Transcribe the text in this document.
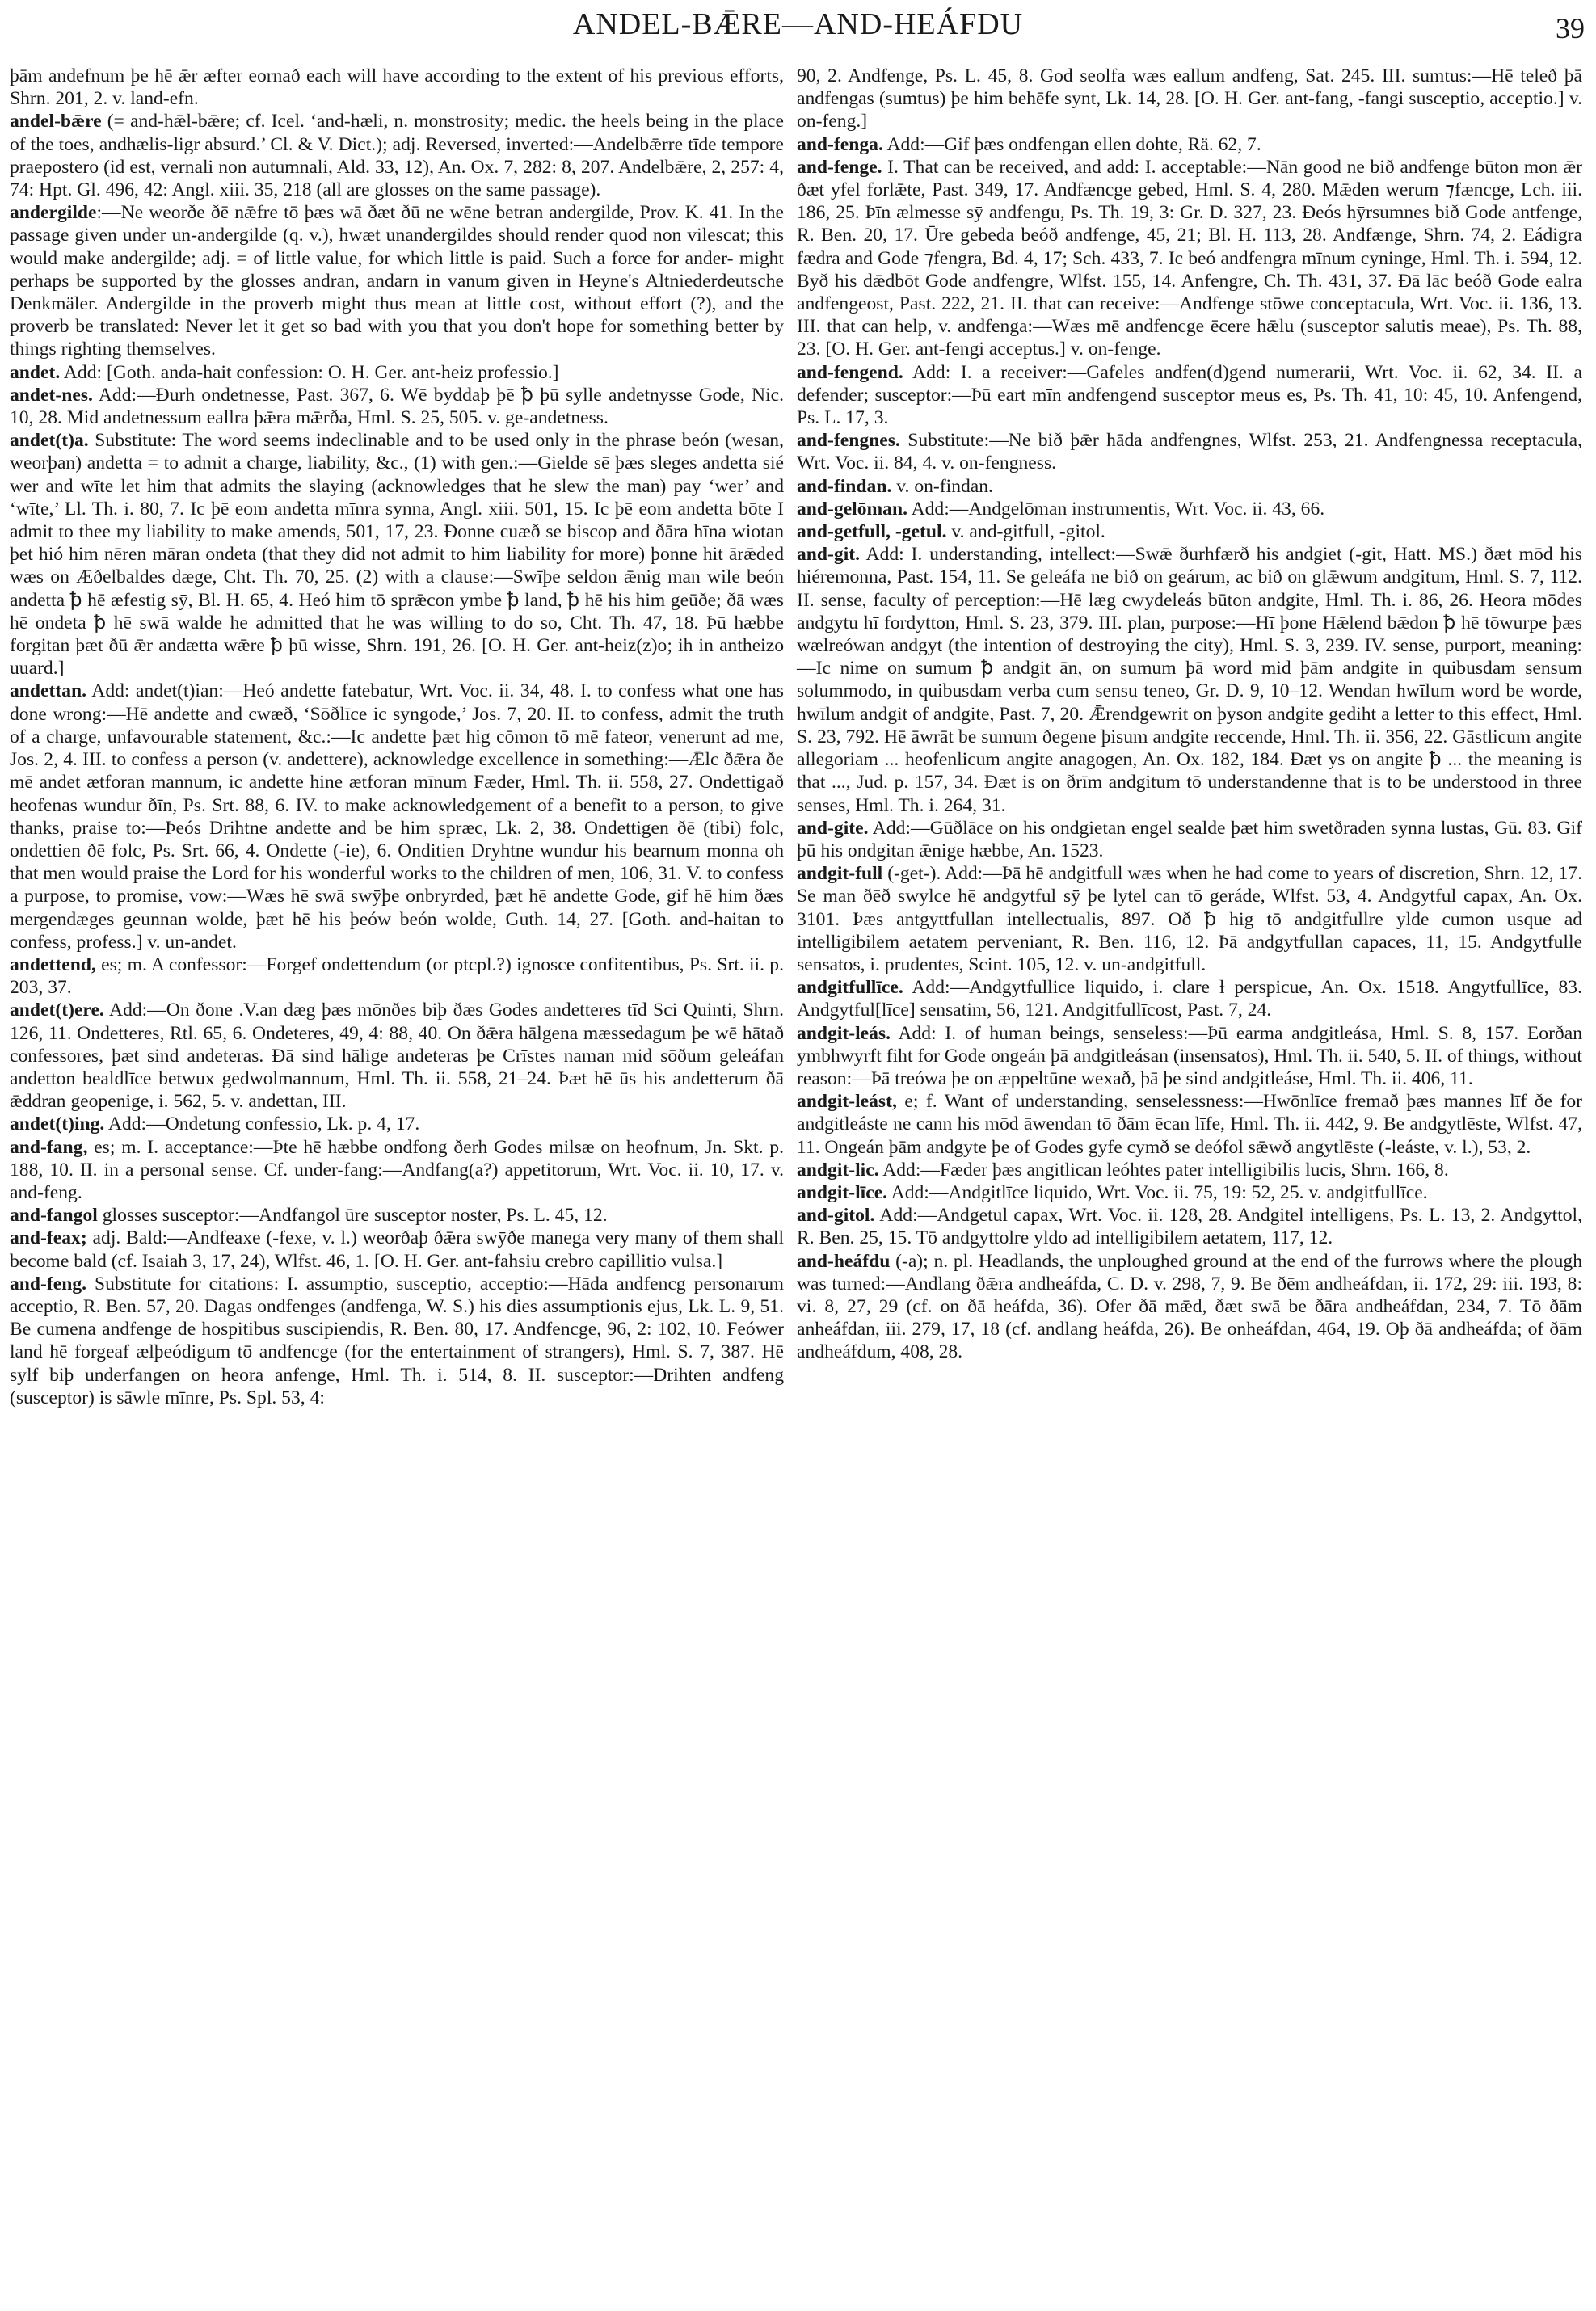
ANDEL-BǢRE—AND-HEÁFDU	39

þām andefnum þe hē ǣr æfter eornað each will have according to the extent of his previous efforts, Shrn. 201, 2. v. land-efn.

andel-bǣre (= and-hǣl-bǣre; cf. Icel. ‘and-hæli, n. monstrosity; medic. the heels being in the place of the toes, andhælis-ligr absurd.’ Cl. & V. Dict.); adj. Reversed, inverted:—Andelbǣrre tīde tempore praepostero (id est, vernali non autumnali, Ald. 33, 12), An. Ox. 7, 282: 8, 207. Andelbǣre, 2, 257: 4, 74: Hpt. Gl. 496, 42: Angl. xiii. 35, 218 (all are glosses on the same passage).

andergilde:—Ne weorðe ðē nǣfre tō þæs wā ðæt ðū ne wēne betran andergilde, Prov. K. 41. In the passage given under un-andergilde (q. v.), hwæt unandergildes should render quod non vilescat; this would make andergilde; adj. = of little value, for which little is paid. Such a force for ander- might perhaps be supported by the glosses andran, andarn in vanum given in Heyne's Altniederdeutsche Denkmäler. Andergilde in the proverb might thus mean at little cost, without effort (?), and the proverb be translated: Never let it get so bad with you that you don't hope for something better by things righting themselves.

andet. Add: [Goth. anda-hait confession: O. H. Ger. ant-heiz professio.]

andet-nes. Add:—Ðurh ondetnesse, Past. 367, 6. Wē byddaþ þē ꝥ þū sylle andetnysse Gode, Nic. 10, 28. Mid andetnessum eallra þǣra mǣrða, Hml. S. 25, 505. v. ge-andetness.

andet(t)a. Substitute: The word seems indeclinable and to be used only in the phrase beón (wesan, weorþan) andetta = to admit a charge, liability, &c., (1) with gen.:—Gielde sē þæs sleges andetta sié wer and wīte let him that admits the slaying (acknowledges that he slew the man) pay ‘wer’ and ‘wīte,’ Ll. Th. i. 80, 7. Ic þē eom andetta mīnra synna, Angl. xiii. 501, 15. Ic þē eom andetta bōte I admit to thee my liability to make amends, 501, 17, 23. Ðonne cuæð se biscop and ðāra hīna wiotan þet hió him nēren māran ondeta (that they did not admit to him liability for more) þonne hit ārǣded wæs on Æðelbaldes dæge, Cht. Th. 70, 25. (2) with a clause:—Swīþe seldon ǣnig man wile beón andetta ꝥ hē æfestig sȳ, Bl. H. 65, 4. Heó him tō sprǣcon ymbe ꝥ land, ꝥ hē his him geūðe; ðā wæs hē ondeta ꝥ hē swā walde he admitted that he was willing to do so, Cht. Th. 47, 18. Þū hæbbe forgitan þæt ðū ǣr andætta wǣre ꝥ þū wisse, Shrn. 191, 26. [O. H. Ger. ant-heiz(z)o; ih in antheizo uuard.]

andettan. Add: andet(t)ian:—Heó andette fatebatur, Wrt. Voc. ii. 34, 48. I. to confess what one has done wrong:—Hē andette and cwæð, ‘Sōðlīce ic syngode,’ Jos. 7, 20. II. to confess, admit the truth of a charge, unfavourable statement, &c.:—Ic andette þæt hig cōmon tō mē fateor, venerunt ad me, Jos. 2, 4. III. to confess a person (v. andettere), acknowledge excellence in something:—Ǣlc ðǣra ðe mē andet ætforan mannum, ic andette hine ætforan mīnum Fæder, Hml. Th. ii. 558, 27. Ondettigað heofenas wundur ðīn, Ps. Srt. 88, 6. IV. to make acknowledgement of a benefit to a person, to give thanks, praise to:—Þeós Drihtne andette and be him spræc, Lk. 2, 38. Ondettigen ðē (tibi) folc, ondettien ðē folc, Ps. Srt. 66, 4. Ondette (-ie), 6. Onditien Dryhtne wundur his bearnum monna oh that men would praise the Lord for his wonderful works to the children of men, 106, 31. V. to confess a purpose, to promise, vow:—Wæs hē swā swȳþe onbryrded, þæt hē andette Gode, gif hē him ðæs mergendæges geunnan wolde, þæt hē his þeów beón wolde, Guth. 14, 27. [Goth. and-haitan to confess, profess.] v. un-andet.

andettend, es; m. A confessor:—Forgef ondettendum (or ptcpl.?) ignosce confitentibus, Ps. Srt. ii. p. 203, 37.

andet(t)ere. Add:—On ðone .V.an dæg þæs mōnðes biþ ðæs Godes andetteres tīd Sci Quinti, Shrn. 126, 11. Ondetteres, Rtl. 65, 6. Ondeteres, 49, 4: 88, 40. On ðǣra hālgena mæssedagum þe wē hātað confessores, þæt sind andeteras. Ðā sind hālige andeteras þe Crīstes naman mid sōðum geleáfan andetton bealdlīce betwux gedwolmannum, Hml. Th. ii. 558, 21–24. Þæt hē ūs his andetterum ðā ǣddran geopenige, i. 562, 5. v. andettan, III.

andet(t)ing. Add:—Ondetung confessio, Lk. p. 4, 17.

and-fang, es; m. I. acceptance:—Þte hē hæbbe ondfong ðerh Godes milsæ on heofnum, Jn. Skt. p. 188, 10. II. in a personal sense. Cf. under-fang:—Andfang(a?) appetitorum, Wrt. Voc. ii. 10, 17. v. and-feng.

and-fangol glosses susceptor:—Andfangol ūre susceptor noster, Ps. L. 45, 12.

and-feax; adj. Bald:—Andfeaxe (-fexe, v. l.) weorðaþ ðǣra swȳðe manega very many of them shall become bald (cf. Isaiah 3, 17, 24), Wlfst. 46, 1. [O. H. Ger. ant-fahsiu crebro capillitio vulsa.]

and-feng. Substitute for citations: I. assumptio, susceptio, acceptio:—Hāda andfencg personarum acceptio, R. Ben. 57, 20. Dagas ondfenges (andfenga, W. S.) his dies assumptionis ejus, Lk. L. 9, 51. Be cumena andfenge de hospitibus suscipiendis, R. Ben. 80, 17. Andfencge, 96, 2: 102, 10. Feówer land hē forgeaf ælþeódigum tō andfencge (for the entertainment of strangers), Hml. S. 7, 387. Hē sylf biþ underfangen on heora anfenge, Hml. Th. i. 514, 8. II. susceptor:—Drihten andfeng (susceptor) is sāwle mīnre, Ps. Spl. 53, 4:

90, 2. Andfenge, Ps. L. 45, 8. God seolfa wæs eallum andfeng, Sat. 245. III. sumtus:—Hē teleð þā andfengas (sumtus) þe him behēfe synt, Lk. 14, 28. [O. H. Ger. ant-fang, -fangi susceptio, acceptio.] v. on-feng.]

and-fenga. Add:—Gif þæs ondfengan ellen dohte, Rä. 62, 7.

and-fenge. I. That can be received, and add: I. acceptable:—Nān good ne bið andfenge būton mon ǣr ðæt yfel forlǣte, Past. 349, 17. Andfæncge gebed, Hml. S. 4, 280. Mǣden werum ⁊fæncge, Lch. iii. 186, 25. Þīn ælmesse sȳ andfengu, Ps. Th. 19, 3: Gr. D. 327, 23. Ðeós hȳrsumnes bið Gode antfenge, R. Ben. 20, 17. Ūre gebeda beóð andfenge, 45, 21; Bl. H. 113, 28. Andfænge, Shrn. 74, 2. Eádigra fædra and Gode ⁊fengra, Bd. 4, 17; Sch. 433, 7. Ic beó andfengra mīnum cyninge, Hml. Th. i. 594, 12. Byð his dǣdbōt Gode andfengre, Wlfst. 155, 14. Anfengre, Ch. Th. 431, 37. Ðā lāc beóð Gode ealra andfengeost, Past. 222, 21. II. that can receive:—Andfenge stōwe conceptacula, Wrt. Voc. ii. 136, 13. III. that can help, v. andfenga:—Wæs mē andfencge ēcere hǣlu (susceptor salutis meae), Ps. Th. 88, 23. [O. H. Ger. ant-fengi acceptus.] v. on-fenge.

and-fengend. Add: I. a receiver:—Gafeles andfen(d)gend numerarii, Wrt. Voc. ii. 62, 34. II. a defender; susceptor:—Þū eart mīn andfengend susceptor meus es, Ps. Th. 41, 10: 45, 10. Anfengend, Ps. L. 17, 3.

and-fengnes. Substitute:—Ne bið þǣr hāda andfengnes, Wlfst. 253, 21. Andfengnessa receptacula, Wrt. Voc. ii. 84, 4. v. on-fengness.

and-findan. v. on-findan.

and-gelōman. Add:—Andgelōman instrumentis, Wrt. Voc. ii. 43, 66.

and-getfull, -getul. v. and-gitfull, -gitol.

and-git. Add: I. understanding, intellect:—Swǣ ðurhfærð his andgiet (-git, Hatt. MS.) ðæt mōd his hiéremonna, Past. 154, 11. Se geleáfa ne bið on geárum, ac bið on glǣwum andgitum, Hml. S. 7, 112. II. sense, faculty of perception:—Hē læg cwydeleás būton andgite, Hml. Th. i. 86, 26. Heora mōdes andgytu hī fordytton, Hml. S. 23, 379. III. plan, purpose:—Hī þone Hǣlend bǣdon ꝥ hē tōwurpe þæs wælreówan andgyt (the intention of destroying the city), Hml. S. 3, 239. IV. sense, purport, meaning:—Ic nime on sumum ꝥ andgit ān, on sumum þā word mid þām andgite in quibusdam sensum solummodo, in quibusdam verba cum sensu teneo, Gr. D. 9, 10–12. Wendan hwīlum word be worde, hwīlum andgit of andgite, Past. 7, 20. Ǣrendgewrit on þyson andgite gediht a letter to this effect, Hml. S. 23, 792. Hē āwrāt be sumum ðegene þisum andgite reccende, Hml. Th. ii. 356, 22. Gāstlicum angite allegoriam ... heofenlicum angite anagogen, An. Ox. 182, 184. Ðæt ys on angite ꝥ ... the meaning is that ..., Jud. p. 157, 34. Ðæt is on ðrīm andgitum tō understandenne that is to be understood in three senses, Hml. Th. i. 264, 31.

and-gite. Add:—Gūðlāce on his ondgietan engel sealde þæt him swetðraden synna lustas, Gū. 83. Gif þū his ondgitan ǣnige hæbbe, An. 1523.

andgit-full (-get-). Add:—Þā hē andgitfull wæs when he had come to years of discretion, Shrn. 12, 17. Se man ðēð swylce hē andgytful sȳ þe lytel can tō geráde, Wlfst. 53, 4. Andgytful capax, An. Ox. 3101. Þæs antgyttfullan intellectualis, 897. Oð ꝥ hig tō andgitfullre ylde cumon usque ad intelligibilem aetatem perveniant, R. Ben. 116, 12. Þā andgytfullan capaces, 11, 15. Andgytfulle sensatos, i. prudentes, Scint. 105, 12. v. un-andgitfull.

andgitfullīce. Add:—Andgytfullice liquido, i. clare ɫ perspicue, An. Ox. 1518. Angytfullīce, 83. Andgytful[līce] sensatim, 56, 121. Andgitfullīcost, Past. 7, 24.

andgit-leás. Add: I. of human beings, senseless:—Þū earma andgitleása, Hml. S. 8, 157. Eorðan ymbhwyrft fiht for Gode ongeán þā andgitleásan (insensatos), Hml. Th. ii. 540, 5. II. of things, without reason:—Þā treówa þe on æppeltūne wexað, þā þe sind andgitleáse, Hml. Th. ii. 406, 11.

andgit-leást, e; f. Want of understanding, senselessness:—Hwōnlīce fremað þæs mannes līf ðe for andgitleáste ne cann his mōd āwendan tō ðām ēcan līfe, Hml. Th. ii. 442, 9. Be andgytlēste, Wlfst. 47, 11. Ongeán þām andgyte þe of Godes gyfe cymð se deófol sǣwð angytlēste (-leáste, v. l.), 53, 2.

andgit-lic. Add:—Fæder þæs angitlican leóhtes pater intelligibilis lucis, Shrn. 166, 8.

andgit-līce. Add:—Andgitlīce liquido, Wrt. Voc. ii. 75, 19: 52, 25. v. andgitfullīce.

and-gitol. Add:—Andgetul capax, Wrt. Voc. ii. 128, 28. Andgitel intelligens, Ps. L. 13, 2. Andgyttol, R. Ben. 25, 15. Tō andgyttolre yldo ad intelligibilem aetatem, 117, 12.

and-heáfdu (-a); n. pl. Headlands, the unploughed ground at the end of the furrows where the plough was turned:—Andlang ðǣra andheáfda, C. D. v. 298, 7, 9. Be ðēm andheáfdan, ii. 172, 29: iii. 193, 8: vi. 8, 27, 29 (cf. on ðā heáfda, 36). Ofer ðā mǣd, ðæt swā be ðāra andheáfdan, 234, 7. Tō ðām anheáfdan, iii. 279, 17, 18 (cf. andlang heáfda, 26). Be onheáfdan, 464, 19. Oþ ðā andheáfda; of ðām andheáfdum, 408, 28.
